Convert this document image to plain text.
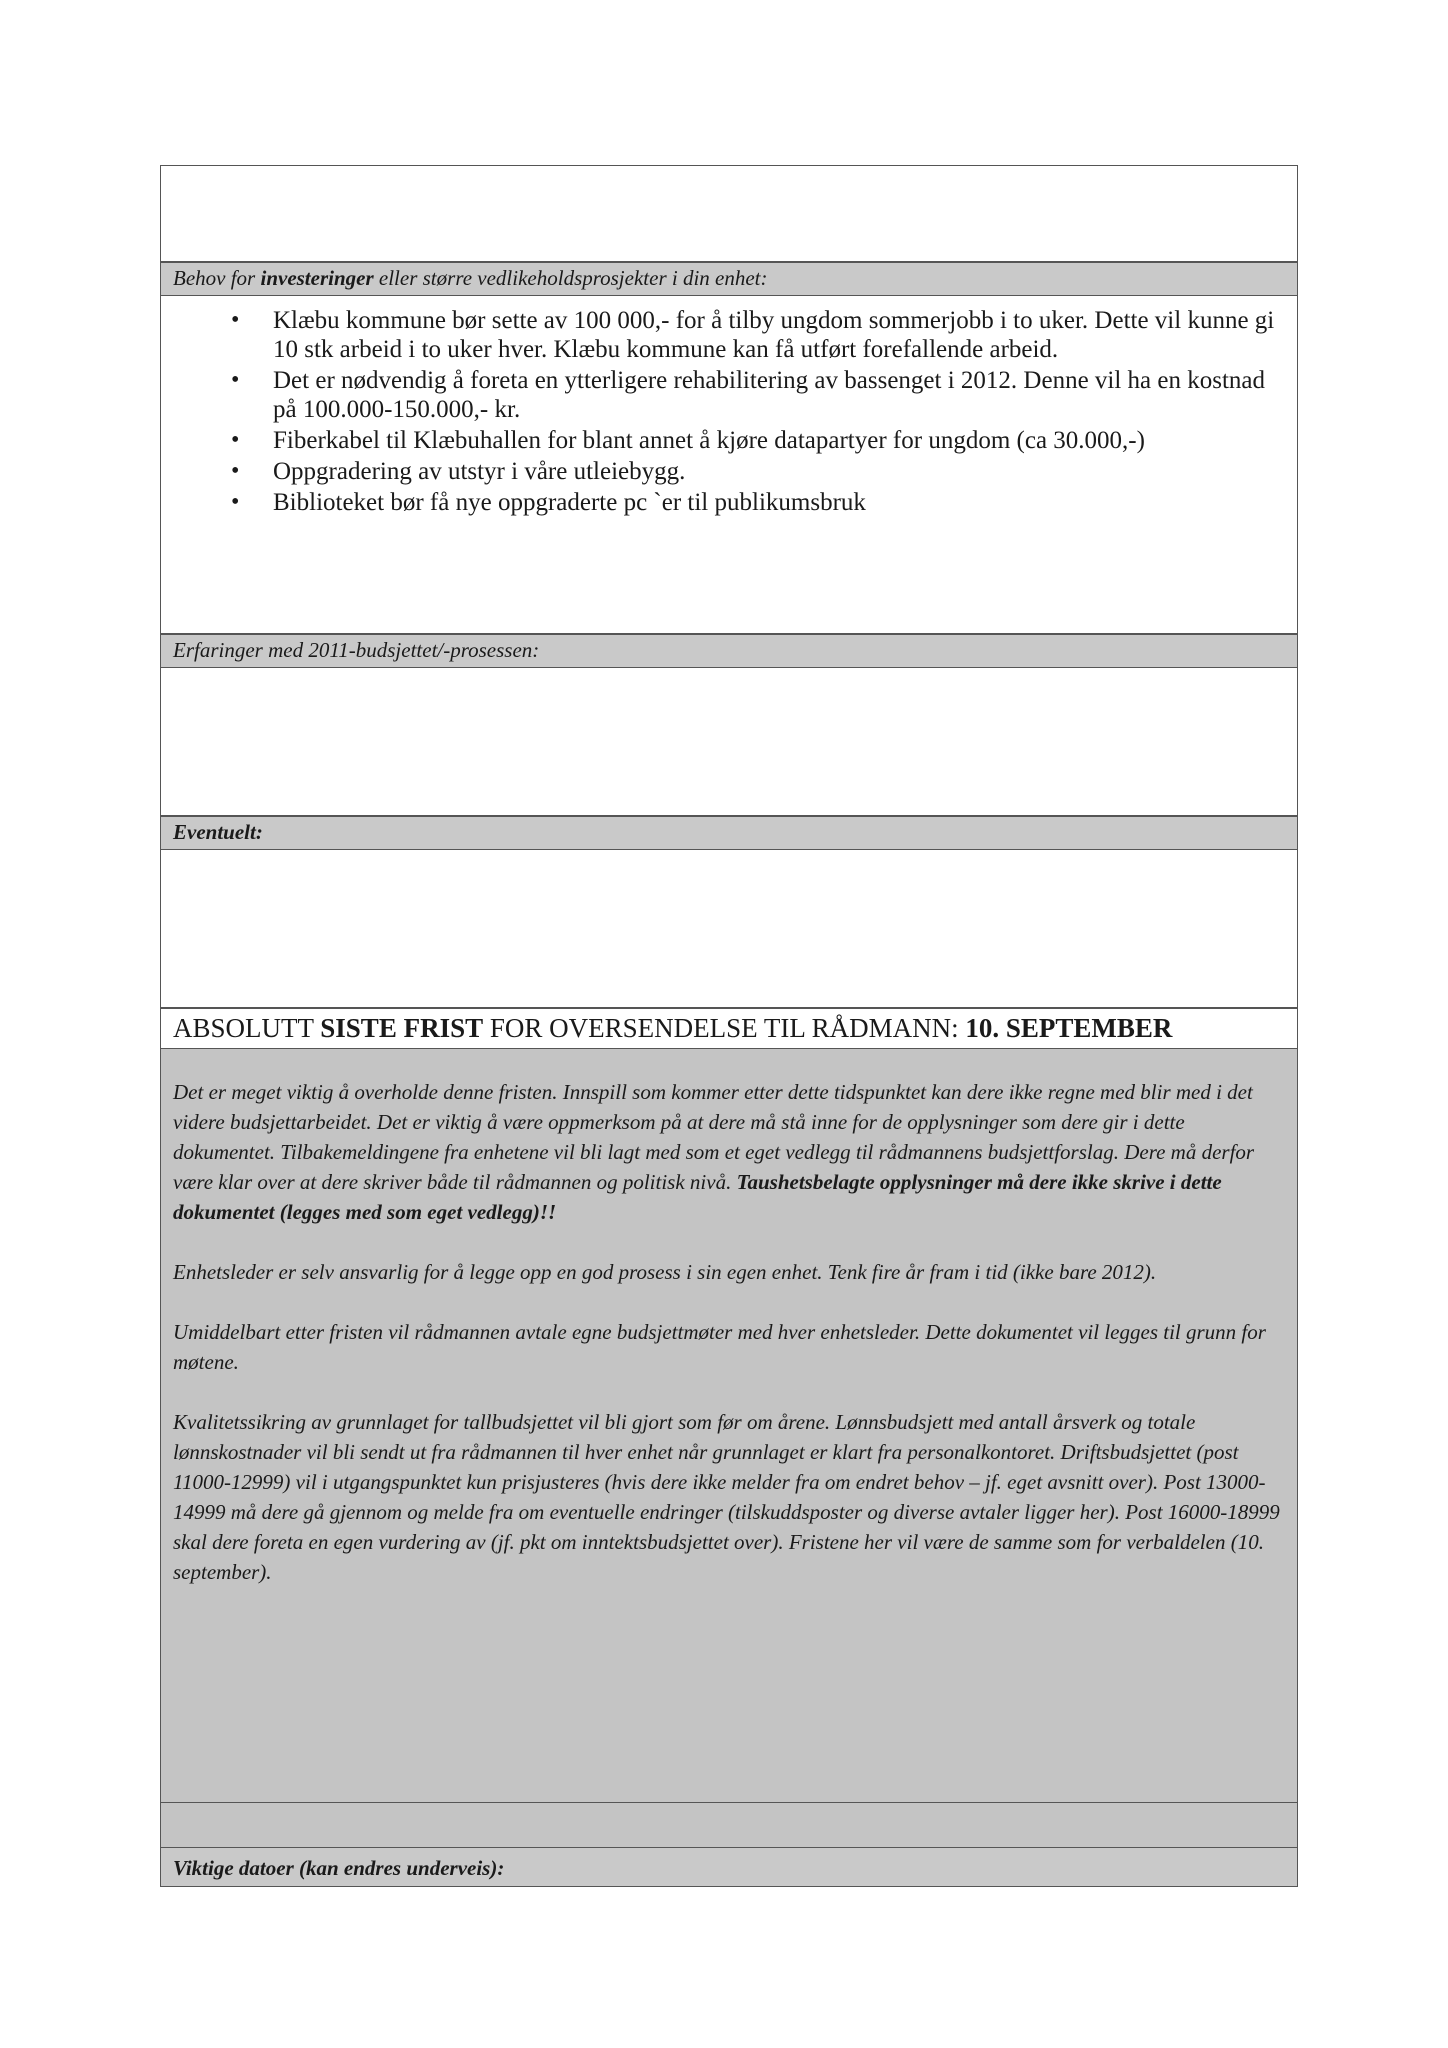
Behov for investeringer eller større vedlikeholdsprosjekter i din enhet:
• Klæbu kommune bør sette av 100 000,- for å tilby ungdom sommerjobb i to uker. Dette vil kunne gi 10 stk arbeid i to uker hver. Klæbu kommune kan få utført forefallende arbeid.
• Det er nødvendig å foreta en ytterligere rehabilitering av bassenget i 2012. Denne vil ha en kostnad på 100.000-150.000,- kr.
• Fiberkabel til Klæbuhallen for blant annet å kjøre datapartyer for ungdom (ca 30.000,-)
• Oppgradering av utstyr i våre utleiebygg.
• Biblioteket bør få nye oppgraderte pc `er til publikumsbruk
Erfaringer med 2011-budsjettet/-prosessen:
Eventuelt:
ABSOLUTT SISTE FRIST FOR OVERSENDELSE TIL RÅDMANN: 10. SEPTEMBER

Det er meget viktig å overholde denne fristen. Innspill som kommer etter dette tidspunktet kan dere ikke regne med blir med i det videre budsjettarbeidet. Det er viktig å være oppmerksom på at dere må stå inne for de opplysninger som dere gir i dette dokumentet. Tilbakemeldingene fra enhetene vil bli lagt med som et eget vedlegg til rådmannens budsjettforslag. Dere må derfor være klar over at dere skriver både til rådmannen og politisk nivå. Taushetsbelagte opplysninger må dere ikke skrive i dette dokumentet (legges med som eget vedlegg)!!

Enhetsleder er selv ansvarlig for å legge opp en god prosess i sin egen enhet. Tenk fire år fram i tid (ikke bare 2012).

Umiddelbart etter fristen vil rådmannen avtale egne budsjettmøter med hver enhetsleder. Dette dokumentet vil legges til grunn for møtene.

Kvalitetssikring av grunnlaget for tallbudsjettet vil bli gjort som før om årene. Lønnsbudsjett med antall årsverk og totale lønnskostnader vil bli sendt ut fra rådmannen til hver enhet når grunnlaget er klart fra personalkontoret. Driftsbudsjettet (post 11000-12999) vil i utgangspunktet kun prisjusteres (hvis dere ikke melder fra om endret behov – jf. eget avsnitt over). Post 13000-14999 må dere gå gjennom og melde fra om eventuelle endringer (tilskuddsposter og diverse avtaler ligger her). Post 16000-18999 skal dere foreta en egen vurdering av (jf. pkt om inntektsbudsjettet over). Fristene her vil være de samme som for verbaldelen (10. september).

Viktige datoer (kan endres underveis):
